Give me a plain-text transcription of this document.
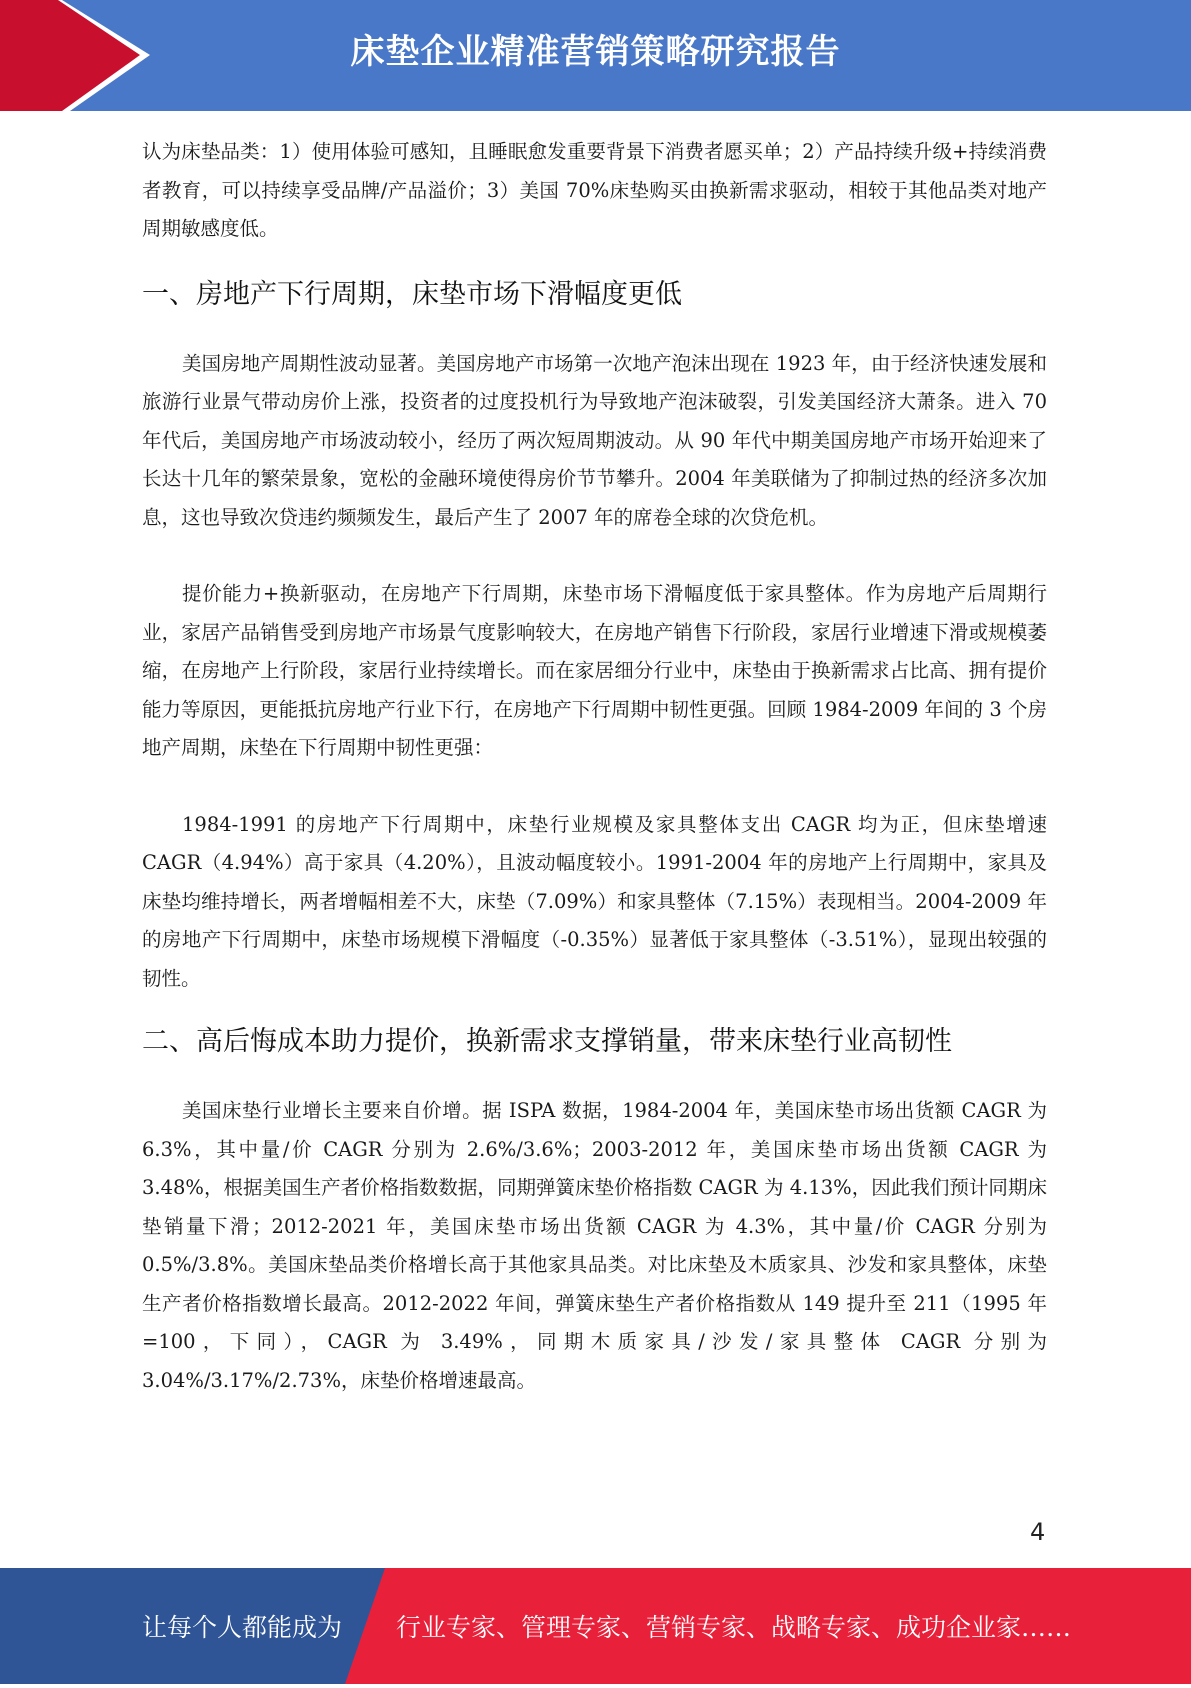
床垫企业精准营销策略研究报告

认为床垫品类：1）使用体验可感知，且睡眠愈发重要背景下消费者愿买单；2）产品持续升级+持续消费者教育，可以持续享受品牌/产品溢价；3）美国 70%床垫购买由换新需求驱动，相较于其他品类对地产周期敏感度低。

一、房地产下行周期，床垫市场下滑幅度更低

美国房地产周期性波动显著。美国房地产市场第一次地产泡沫出现在 1923 年，由于经济快速发展和旅游行业景气带动房价上涨，投资者的过度投机行为导致地产泡沫破裂，引发美国经济大萧条。进入 70 年代后，美国房地产市场波动较小，经历了两次短周期波动。从 90 年代中期美国房地产市场开始迎来了长达十几年的繁荣景象，宽松的金融环境使得房价节节攀升。2004 年美联储为了抑制过热的经济多次加息，这也导致次贷违约频频发生，最后产生了 2007 年的席卷全球的次贷危机。

提价能力+换新驱动，在房地产下行周期，床垫市场下滑幅度低于家具整体。作为房地产后周期行业，家居产品销售受到房地产市场景气度影响较大，在房地产销售下行阶段，家居行业增速下滑或规模萎缩，在房地产上行阶段，家居行业持续增长。而在家居细分行业中，床垫由于换新需求占比高、拥有提价能力等原因，更能抵抗房地产行业下行，在房地产下行周期中韧性更强。回顾 1984-2009 年间的 3 个房地产周期，床垫在下行周期中韧性更强：

1984-1991 的房地产下行周期中，床垫行业规模及家具整体支出 CAGR 均为正，但床垫增速 CAGR（4.94%）高于家具（4.20%），且波动幅度较小。1991-2004 年的房地产上行周期中，家具及床垫均维持增长，两者增幅相差不大，床垫（7.09%）和家具整体（7.15%）表现相当。2004-2009 年的房地产下行周期中，床垫市场规模下滑幅度（-0.35%）显著低于家具整体（-3.51%），显现出较强的韧性。

二、高后悔成本助力提价，换新需求支撑销量，带来床垫行业高韧性

美国床垫行业增长主要来自价增。据 ISPA 数据，1984-2004 年，美国床垫市场出货额 CAGR 为 6.3%，其中量/价 CAGR 分别为 2.6%/3.6%；2003-2012 年，美国床垫市场出货额 CAGR 为 3.48%，根据美国生产者价格指数数据，同期弹簧床垫价格指数 CAGR 为 4.13%，因此我们预计同期床垫销量下滑；2012-2021 年，美国床垫市场出货额 CAGR 为 4.3%，其中量/价 CAGR 分别为 0.5%/3.8%。美国床垫品类价格增长高于其他家具品类。对比床垫及木质家具、沙发和家具整体，床垫生产者价格指数增长最高。2012-2022 年间，弹簧床垫生产者价格指数从 149 提升至 211（1995 年=100，下同），CAGR 为 3.49%，同期木质家具/沙发/家具整体 CAGR 分别为 3.04%/3.17%/2.73%，床垫价格增速最高。

4
让每个人都能成为 行业专家、管理专家、营销专家、战略专家、成功企业家……
